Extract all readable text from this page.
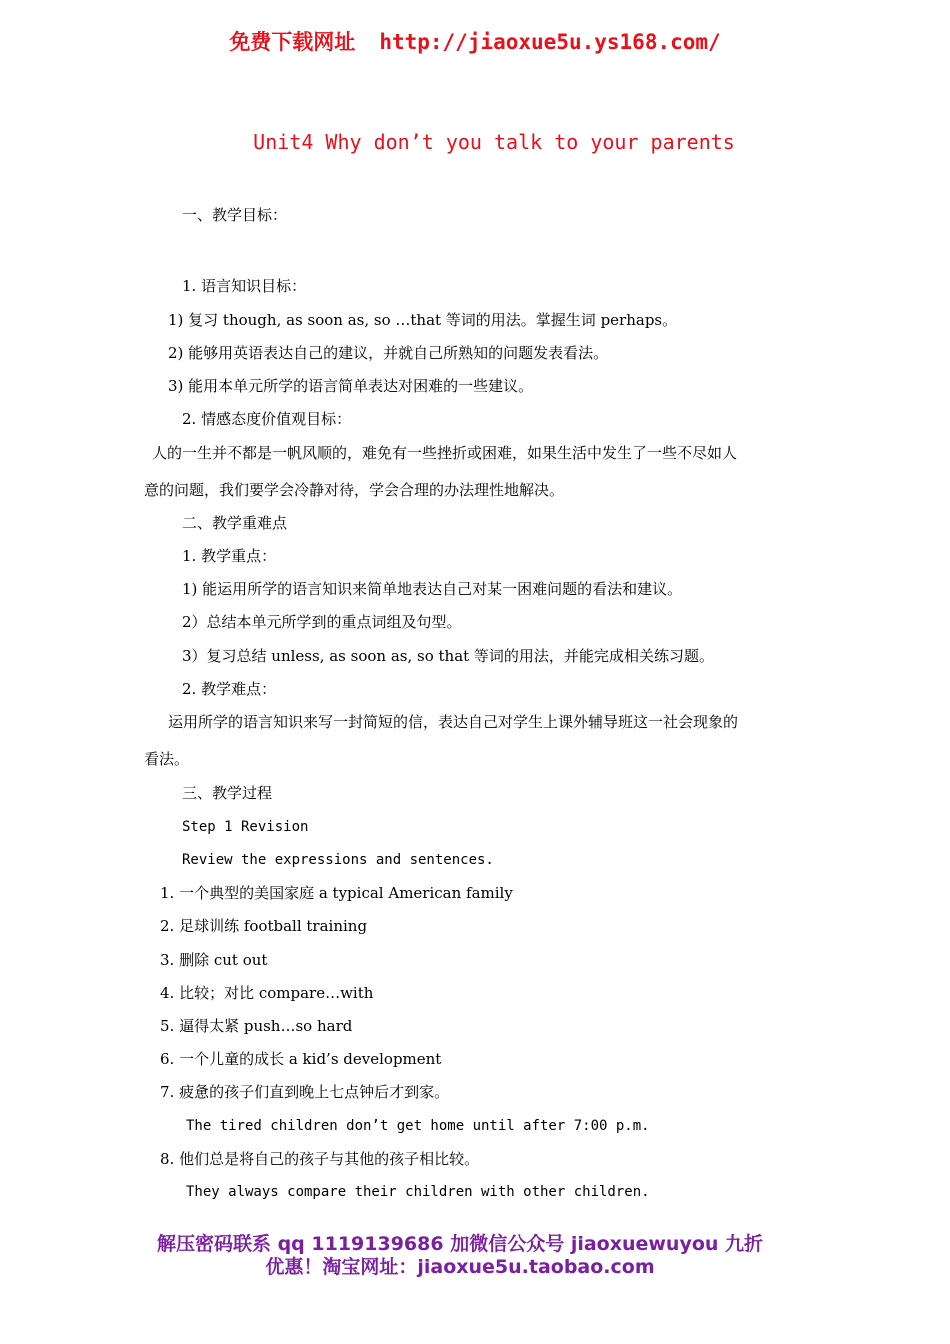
免费下载网址 http://jiaoxue5u.ys168.com/
Unit4 Why don’t you talk to your parents
一、教学目标：
1. 语言知识目标：
1) 复习 though, as soon as, so …that 等词的用法。掌握生词 perhaps。
2) 能够用英语表达自己的建议，并就自己所熟知的问题发表看法。
3) 能用本单元所学的语言简单表达对困难的一些建议。
2. 情感态度价值观目标：
人的一生并不都是一帆风顺的，难免有一些挫折或困难，如果生活中发生了一些不尽如人
意的问题，我们要学会冷静对待，学会合理的办法理性地解决。
二、教学重难点
1. 教学重点：
1) 能运用所学的语言知识来简单地表达自己对某一困难问题的看法和建议。
2）总结本单元所学到的重点词组及句型。
3）复习总结 unless, as soon as, so that 等词的用法，并能完成相关练习题。
2. 教学难点：
运用所学的语言知识来写一封简短的信，表达自己对学生上课外辅导班这一社会现象的
看法。
三、教学过程
Step 1 Revision
Review the expressions and sentences.
1. 一个典型的美国家庭 a typical American family
2. 足球训练 football training
3. 删除 cut out
4. 比较；对比 compare…with
5. 逼得太紧 push…so hard
6. 一个儿童的成长 a kid’s development
7. 疲惫的孩子们直到晚上七点钟后才到家。
The tired children don’t get home until after 7:00 p.m.
8. 他们总是将自己的孩子与其他的孩子相比较。
They always compare their children with other children.
解压密码联系 qq 1119139686 加微信公众号 jiaoxuewuyou 九折
优惠！淘宝网址：jiaoxue5u.taobao.com
